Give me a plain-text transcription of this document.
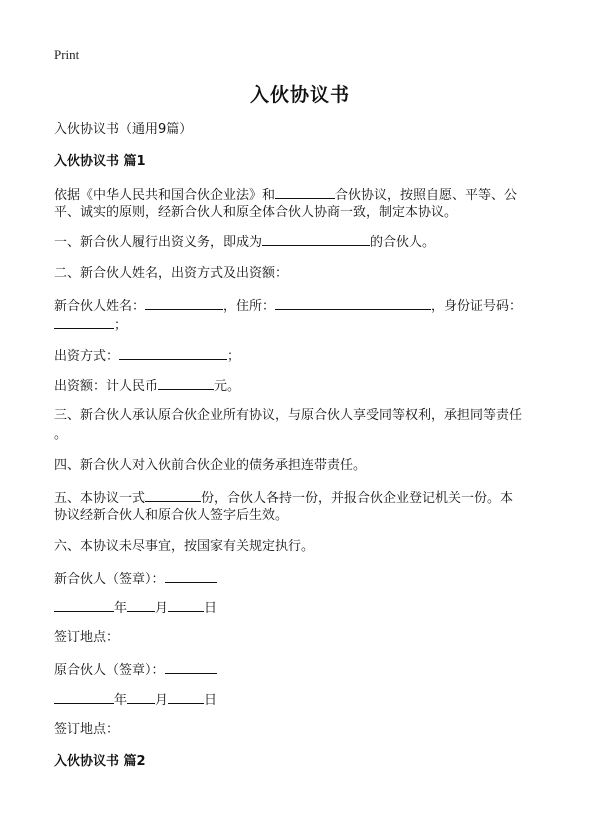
Print
入伙协议书
入伙协议书（通用9篇）
入伙协议书 篇1
依据《中华人民共和国合伙企业法》和	合伙协议，按照自愿、平等、公
平、诚实的原则，经新合伙人和原全体合伙人协商一致，制定本协议。
一、新合伙人履行出资义务，即成为	的合伙人。
二、新合伙人姓名，出资方式及出资额：
新合伙人姓名：	，住所：	，身份证号码：
；
出资方式：	；
出资额：计人民币	元。
三、新合伙人承认原合伙企业所有协议，与原合伙人享受同等权利，承担同等责任
。
四、新合伙人对入伙前合伙企业的债务承担连带责任。
五、本协议一式	份，合伙人各持一份，并报合伙企业登记机关一份。本
协议经新合伙人和原合伙人签字后生效。
六、本协议未尽事宜，按国家有关规定执行。
新合伙人（签章）：
年 月	日
签订地点：
原合伙人（签章）：
年 月	日
签订地点：
入伙协议书 篇2
